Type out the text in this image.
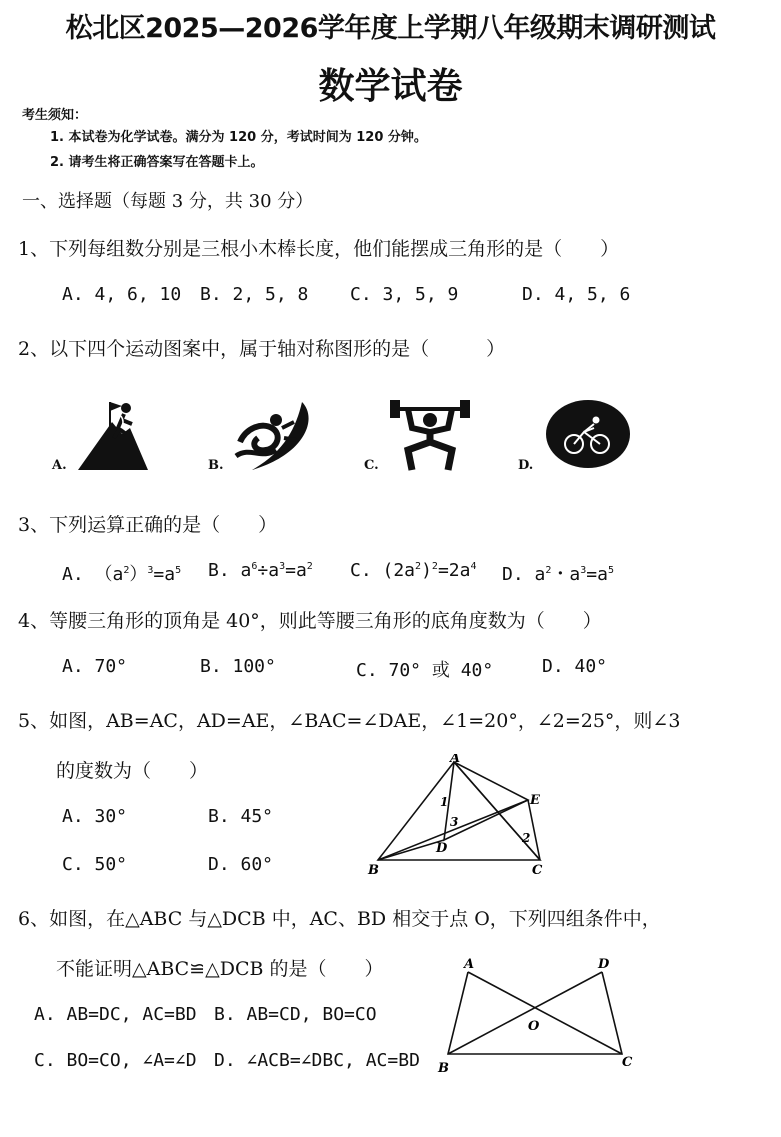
松北区2025—2026学年度上学期八年级期末调研测试
数学试卷
考生须知：
1. 本试卷为化学试卷。满分为 120 分，考试时间为 120 分钟。
2. 请考生将正确答案写在答题卡上。
一、选择题（每题 3 分，共 30 分）
1、下列每组数分别是三根小木棒长度，他们能摆成三角形的是（　　）
A. 4, 6, 10 B. 2, 5, 8 C. 3, 5, 9	D. 4, 5, 6
2、以下四个运动图案中，属于轴对称图形的是（　　　）
A.	B.	C.	D.
3、下列运算正确的是（　　）
A. $(a^2)^3=a^5$ B. $a^6\div a^3=a^2$ C. $(2a^2)^2=2a^4$ D. $a^2$・$a^3=a^5$
4、等腰三角形的顶角是 40°，则此等腰三角形的底角度数为（　　）
A. 70°	B. 100°	C. 70° 或 40°	D. 40°
5、如图，AB=AC，AD=AE，∠BAC=∠DAE，∠1=20°，∠2=25°，则∠3
的度数为（　　）
A. 30°	B. 45°
C. 50°	D. 60°
A
B	C
D
E
1
2
3
6、如图，在△ABC 与△DCB 中，AC、BD 相交于点 O，下列四组条件中，
不能证明△ABC≌△DCB 的是（　　）
A. AB=DC, AC=BD B. AB=CD, BO=CO
C. BO=CO, ∠A=∠D D. ∠ACB=∠DBC, AC=BD
A	D
O
B	C
